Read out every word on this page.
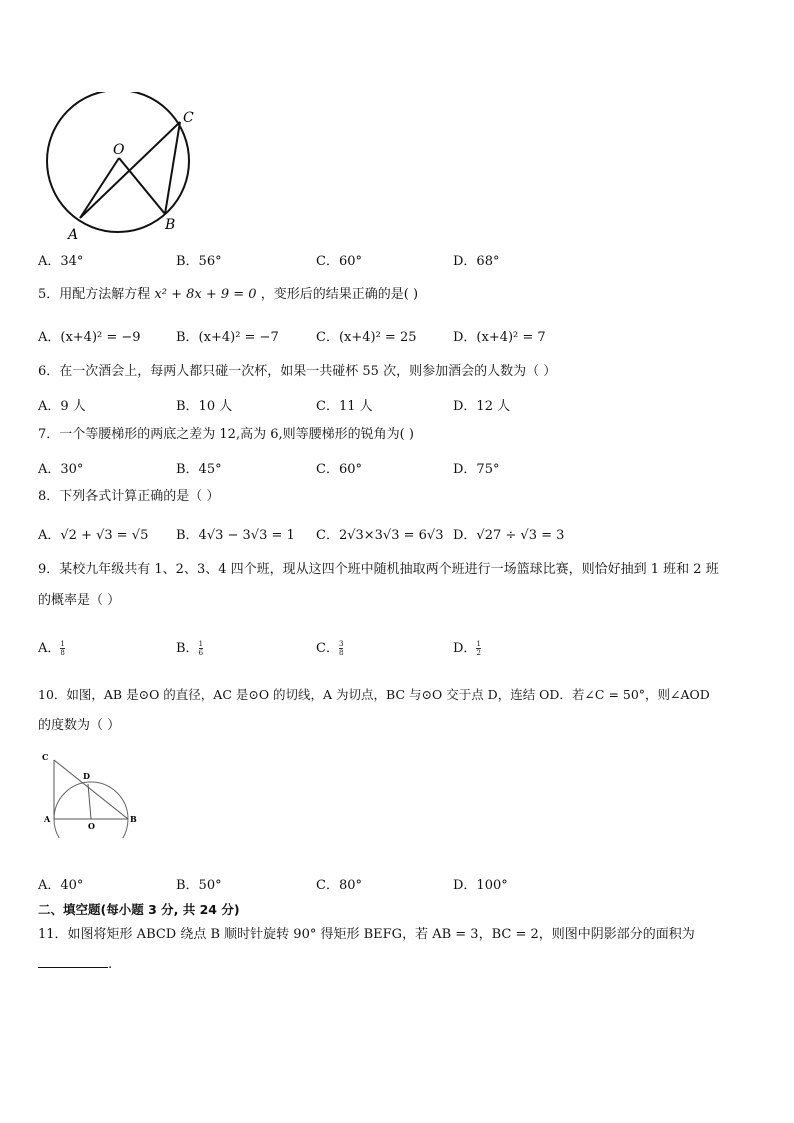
O
C
B
A
A．34°	B．56°	C．60°	D．68°
5．用配方法解方程 x² + 8x + 9 = 0 ，变形后的结果正确的是( )
A．(x+4)² = −9	B．(x+4)² = −7	C．(x+4)² = 25	D．(x+4)² = 7
6．在一次酒会上，每两人都只碰一次杯，如果一共碰杯 55 次，则参加酒会的人数为（ ）
A．9 人	B．10 人	C．11 人	D．12 人
7．一个等腰梯形的两底之差为 12,高为 6,则等腰梯形的锐角为( )
A．30°	B．45°	C．60°	D．75°
8．下列各式计算正确的是（ ）
A．√2 + √3 = √5 B．4√3 − 3√3 = 1 C．2√3×3√3 = 6√3 D．√27 ÷ √3 = 3
9．某校九年级共有 1、2、3、4 四个班，现从这四个班中随机抽取两个班进行一场篮球比赛，则恰好抽到 1 班和 2 班
的概率是（ ）
A． $\frac{1}{8}$	B． $\frac{1}{6}$	C． $\frac{3}{8}$	D． $\frac{1}{2}$
10．如图，AB 是⊙O 的直径，AC 是⊙O 的切线，A 为切点，BC 与⊙O 交于点 D，连结 OD．若∠C = 50°，则∠AOD
的度数为（ ）
C
D
A
O
B
A．40°	B．50°	C．80°	D．100°
二、填空题(每小题 3 分, 共 24 分)
11．如图将矩形 ABCD 绕点 B 顺时针旋转 90° 得矩形 BEFG，若 AB = 3，BC = 2，则图中阴影部分的面积为
.
